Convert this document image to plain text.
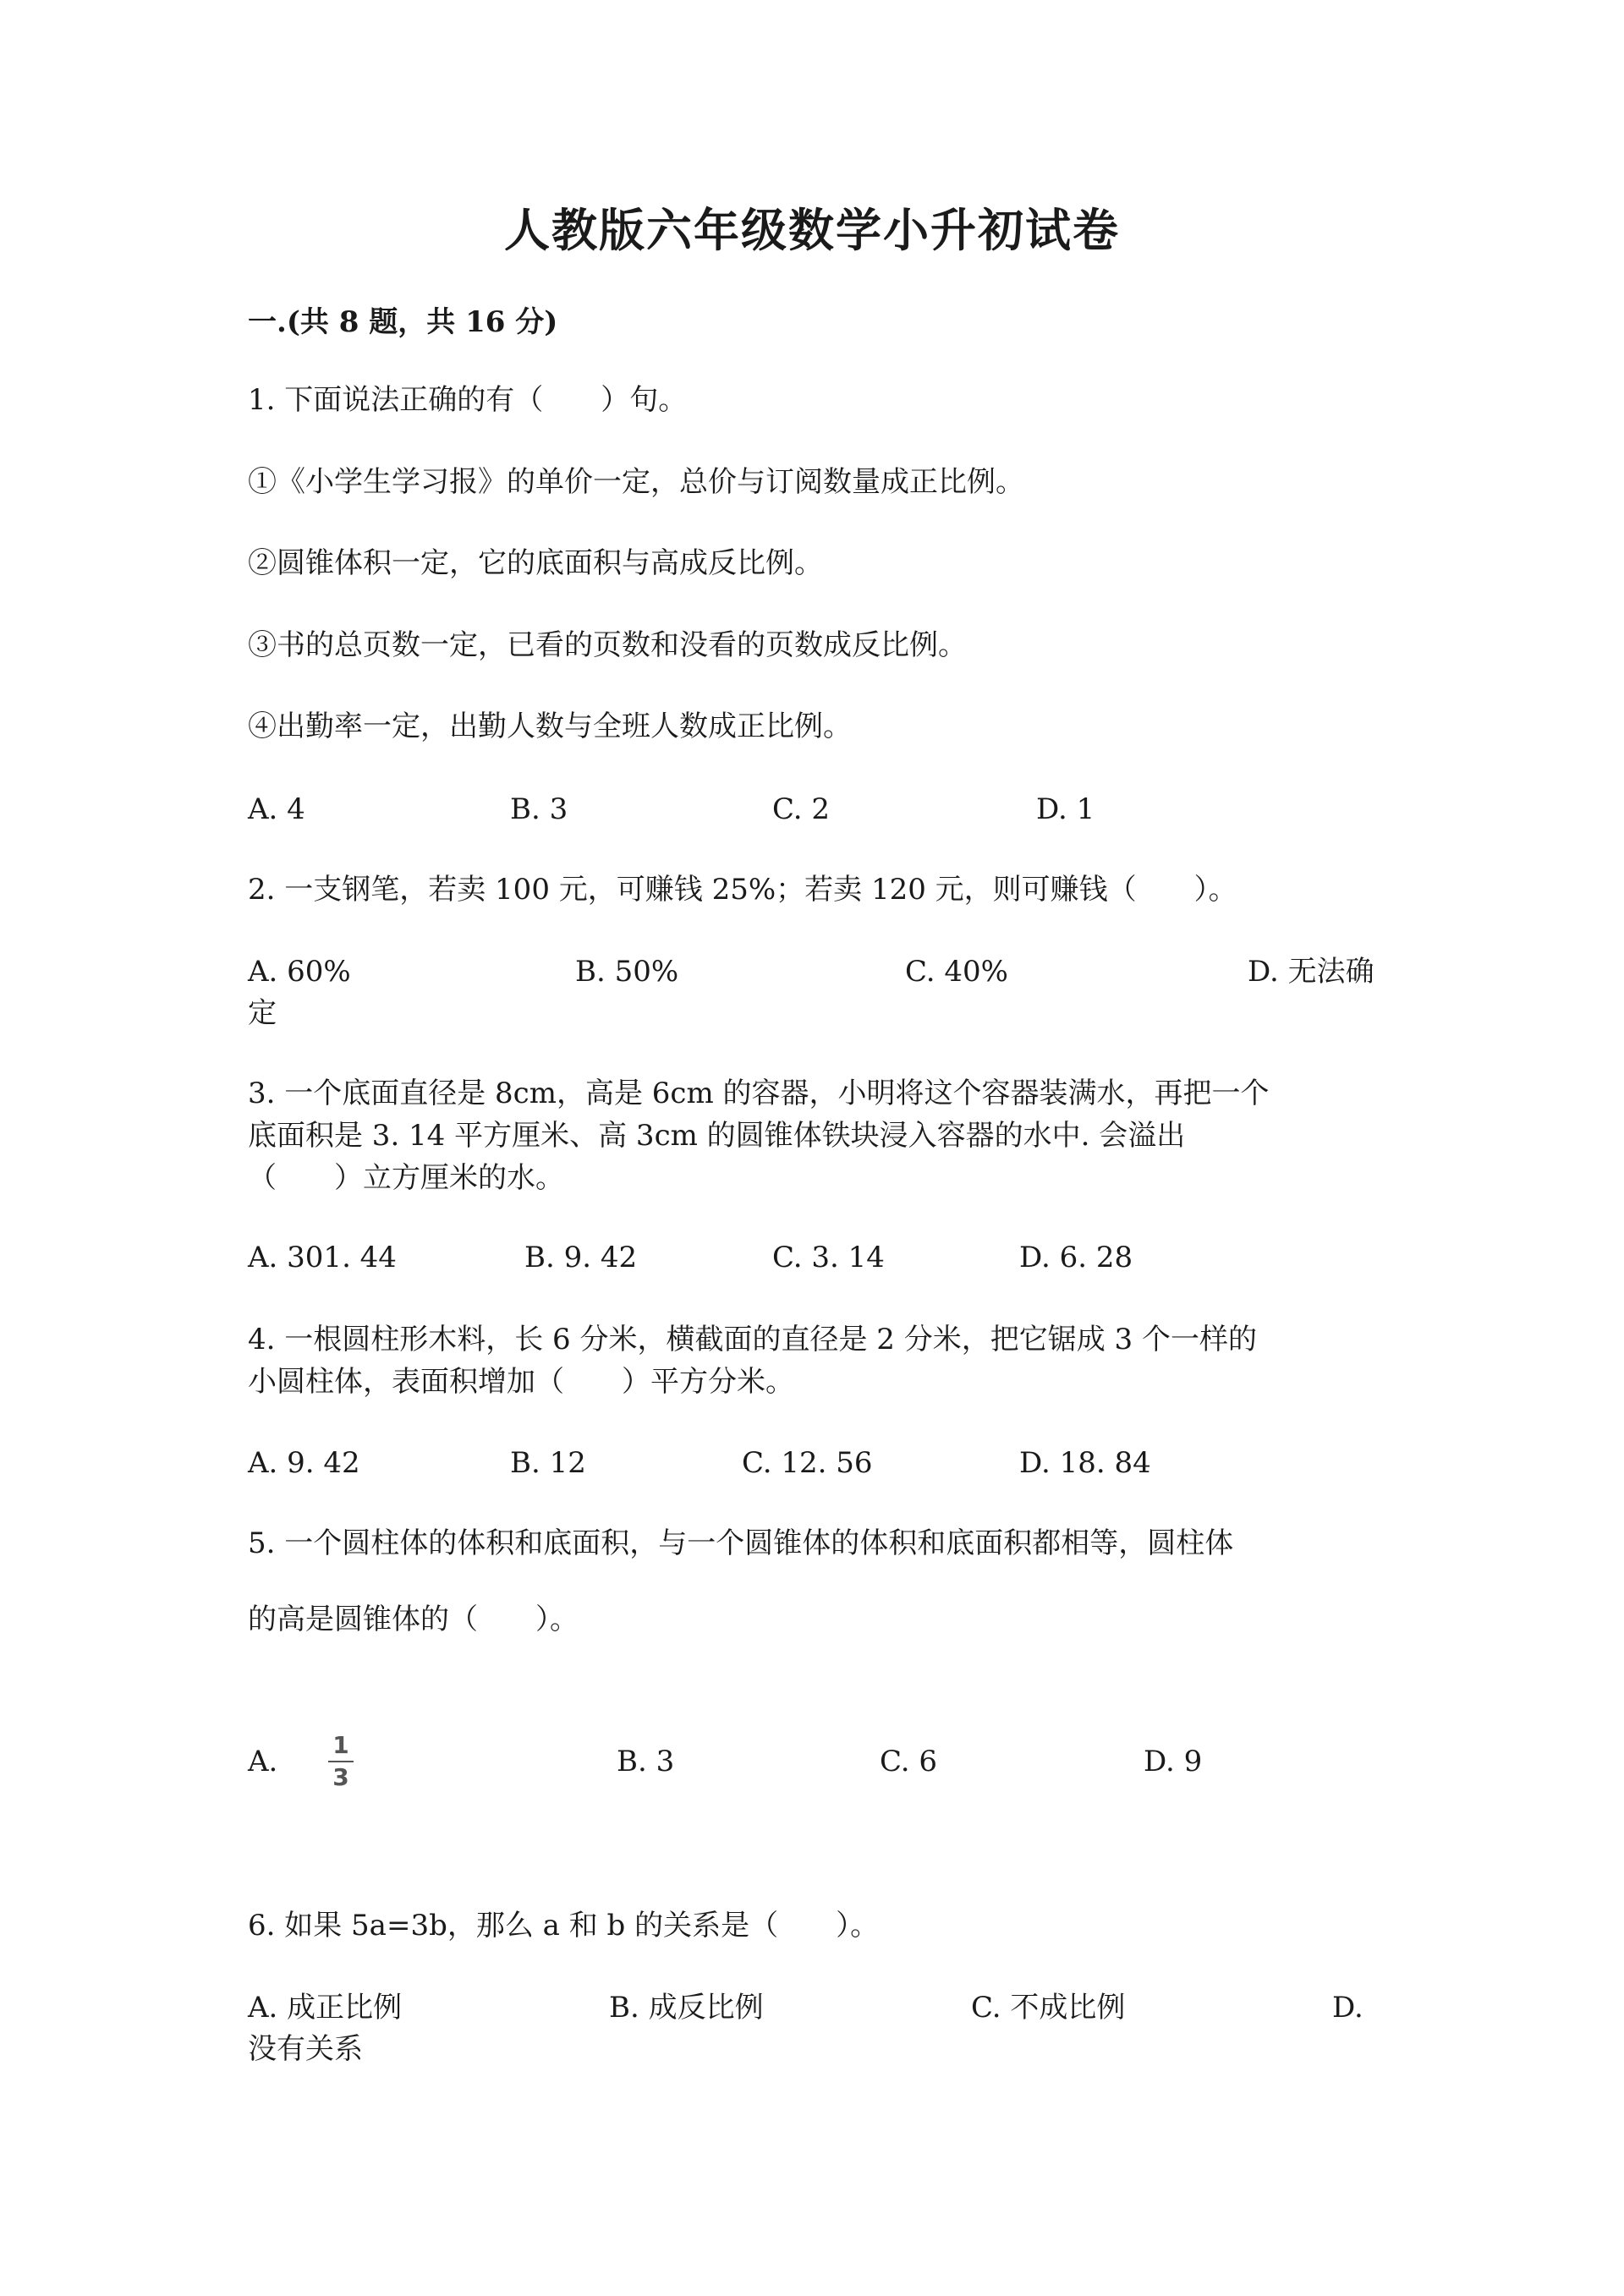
人教版六年级数学小升初试卷
一.(共 8 题，共 16 分)
1. 下面说法正确的有（　　）句。
①《小学生学习报》的单价一定，总价与订阅数量成正比例。
②圆锥体积一定，它的底面积与高成反比例。
③书的总页数一定，已看的页数和没看的页数成反比例。
④出勤率一定，出勤人数与全班人数成正比例。
A. 4	B. 3	C. 2	D. 1
2. 一支钢笔，若卖 100 元，可赚钱 25%；若卖 120 元，则可赚钱（　　）。
A. 60%	B. 50%	C. 40%	D. 无法确
定
3. 一个底面直径是 8cm，高是 6cm 的容器，小明将这个容器装满水，再把一个
底面积是 3. 14 平方厘米、高 3cm 的圆锥体铁块浸入容器的水中. 会溢出
（　　）立方厘米的水。
A. 301. 44	B. 9. 42	C. 3. 14	D. 6. 28
4. 一根圆柱形木料，长 6 分米，横截面的直径是 2 分米，把它锯成 3 个一样的
小圆柱体，表面积增加（　　）平方分米。
A. 9. 42	B. 12	C. 12. 56	D. 18. 84
5. 一个圆柱体的体积和底面积，与一个圆锥体的体积和底面积都相等，圆柱体
的高是圆锥体的（　　）。
A. 1
3	B. 3	C. 6	D. 9
6. 如果 5a=3b，那么 a 和 b 的关系是（　　）。
A. 成正比例	B. 成反比例	C. 不成比例	D.
没有关系
